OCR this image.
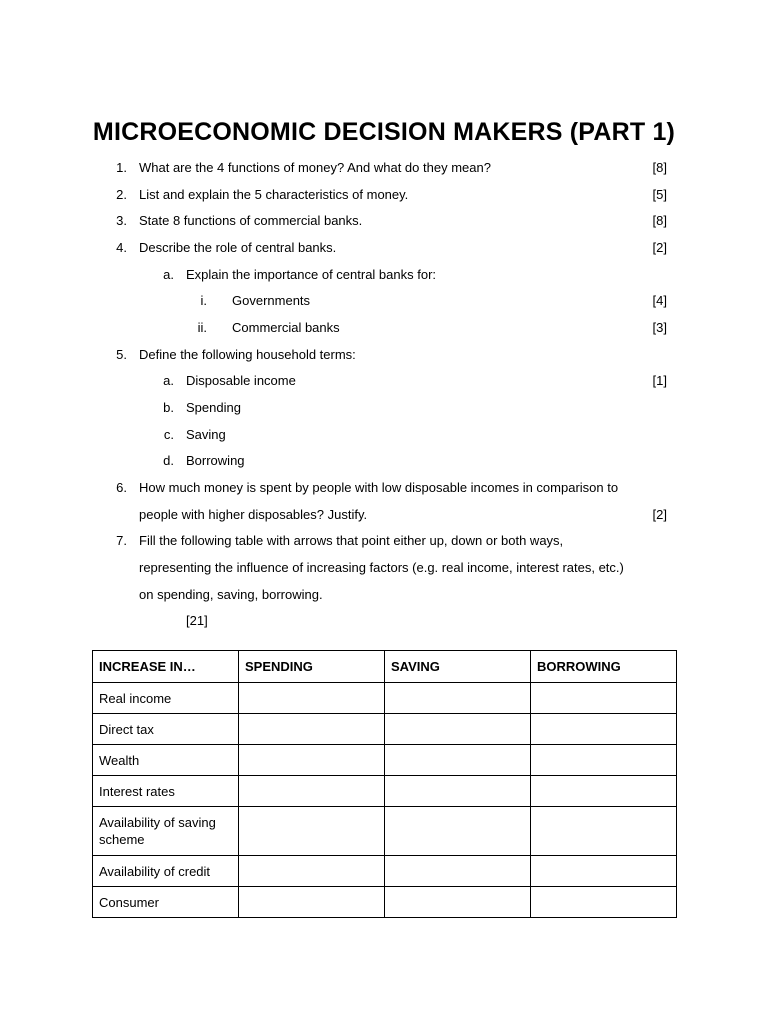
MICROECONOMIC DECISION MAKERS (PART 1)
1. What are the 4 functions of money? And what do they mean?	[8]
2. List and explain the 5 characteristics of money.	[5]
3. State 8 functions of commercial banks.	[8]
4. Describe the role of central banks.	[2]
a. Explain the importance of central banks for:
i. Governments	[4]
ii. Commercial banks	[3]
5. Define the following household terms:
a. Disposable income	[1]
b. Spending
c. Saving
d. Borrowing
6. How much money is spent by people with low disposable incomes in comparison to
people with higher disposables? Justify.	[2]
7. Fill the following table with arrows that point either up, down or both ways,
representing the influence of increasing factors (e.g. real income, interest rates, etc.)
on spending, saving, borrowing.
[21]
INCREASE IN…	SPENDING	SAVING	BORROWING
Real income			
Direct tax			
Wealth			
Interest rates			
Availability of saving scheme			
Availability of credit			
Consumer			
